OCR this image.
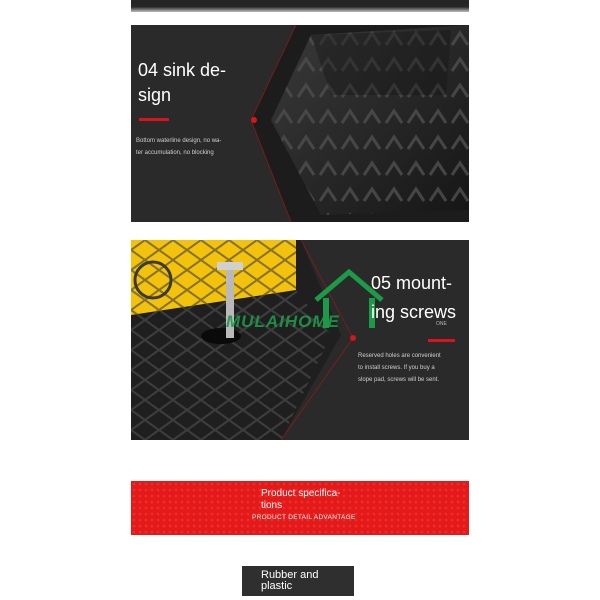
04 sink de-
sign
Bottom waterline design, no wa-
ter accumulation, no blocking
MULAIHOME
05 mount-
ing screws
ONE
Reserved holes are convenient
to install screws. If you buy a
slope pad, screws will be sent.
Product specifica-
tions
PRODUCT DETAIL ADVANTAGE
Rubber and
plastic
